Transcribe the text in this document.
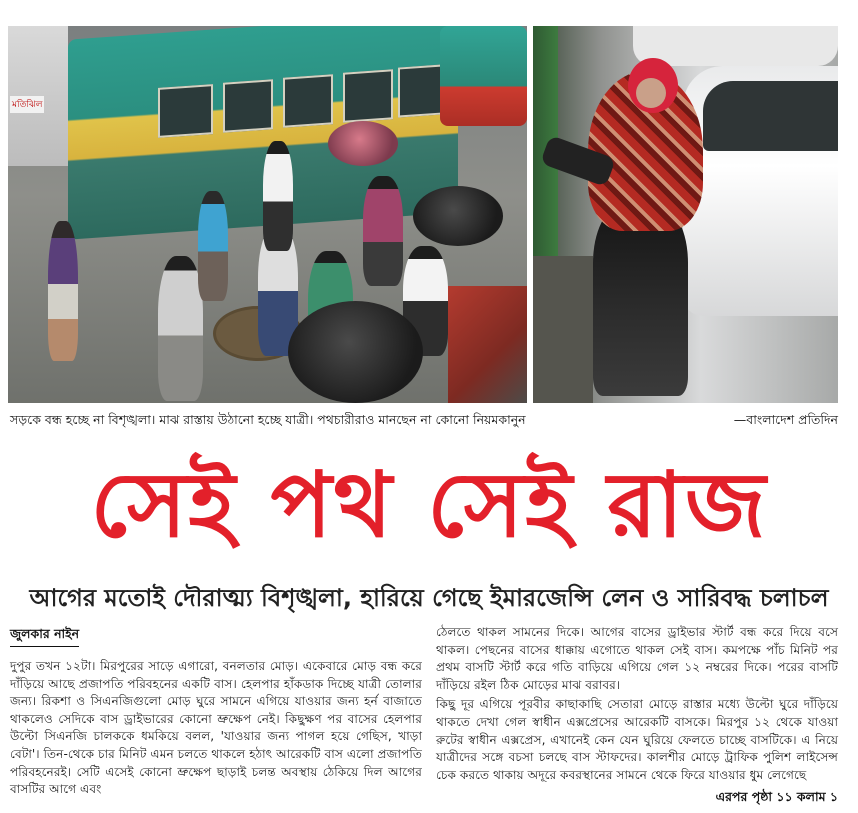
মতিঝিল
সড়কে বন্ধ হচ্ছে না বিশৃঙ্খলা। মাঝ রাস্তায় উঠানো হচ্ছে যাত্রী। পথচারীরাও মানছেন না কোনো নিয়মকানুন	—বাংলাদেশ প্রতিদিন
সেই পথ সেই রাজ
আগের মতোই দৌরাত্ম্য বিশৃঙ্খলা, হারিয়ে গেছে ইমারজেন্সি লেন ও সারিবদ্ধ চলাচল
জুলকার নাইন

দুপুর তখন ১২টা। মিরপুরের সাড়ে এগারো, বনলতার মোড়। একেবারে মোড় বন্ধ করে দাঁড়িয়ে আছে প্রজাপতি পরিবহনের একটি বাস। হেলপার হাঁকডাক দিচ্ছে যাত্রী তোলার জন্য। রিকশা ও সিএনজিগুলো মোড় ঘুরে সামনে এগিয়ে যাওয়ার জন্য হর্ন বাজাতে থাকলেও সেদিকে বাস ড্রাইভারের কোনো ভ্রুক্ষেপ নেই। কিছুক্ষণ পর বাসের হেলপার উল্টো সিএনজি চালককে ধমকিয়ে বলল, 'যাওয়ার জন্য পাগল হয়ে গেছিস, খাড়া বেটা'। তিন-থেকে চার মিনিট এমন চলতে থাকলে হঠাৎ আরেকটি বাস এলো প্রজাপতি পরিবহনেরই। সেটি এসেই কোনো ভ্রুক্ষেপ ছাড়াই চলন্ত অবস্থায় ঠেকিয়ে দিল আগের বাসটির আগে এবং

ঠেলতে থাকল সামনের দিকে। আগের বাসের ড্রাইভার স্টার্ট বন্ধ করে দিয়ে বসে থাকল। পেছনের বাসের ধাক্কায় এগোতে থাকল সেই বাস। কমপক্ষে পাঁচ মিনিট পর প্রথম বাসটি স্টার্ট করে গতি বাড়িয়ে এগিয়ে গেল ১২ নম্বরের দিকে। পরের বাসটি দাঁড়িয়ে রইল ঠিক মোড়ের মাঝ বরাবর।

কিছু দূর এগিয়ে পূরবীর কাছাকাছি সেতারা মোড়ে রাস্তার মধ্যে উল্টো ঘুরে দাঁড়িয়ে থাকতে দেখা গেল স্বাধীন এক্সপ্রেসের আরেকটি বাসকে। মিরপুর ১২ থেকে যাওয়া রুটের স্বাধীন এক্সপ্রেস, এখানেই কেন যেন ঘুরিয়ে ফেলতে চাচ্ছে বাসটিকে। এ নিয়ে যাত্রীদের সঙ্গে বচসা চলছে বাস স্টাফদের। কালশীর মোড়ে ট্রাফিক পুলিশ লাইসেন্স চেক করতে থাকায় অদূরে কবরস্থানের সামনে থেকে ফিরে যাওয়ার ধুম লেগেছে

এরপর পৃষ্ঠা ১১ কলাম ১
